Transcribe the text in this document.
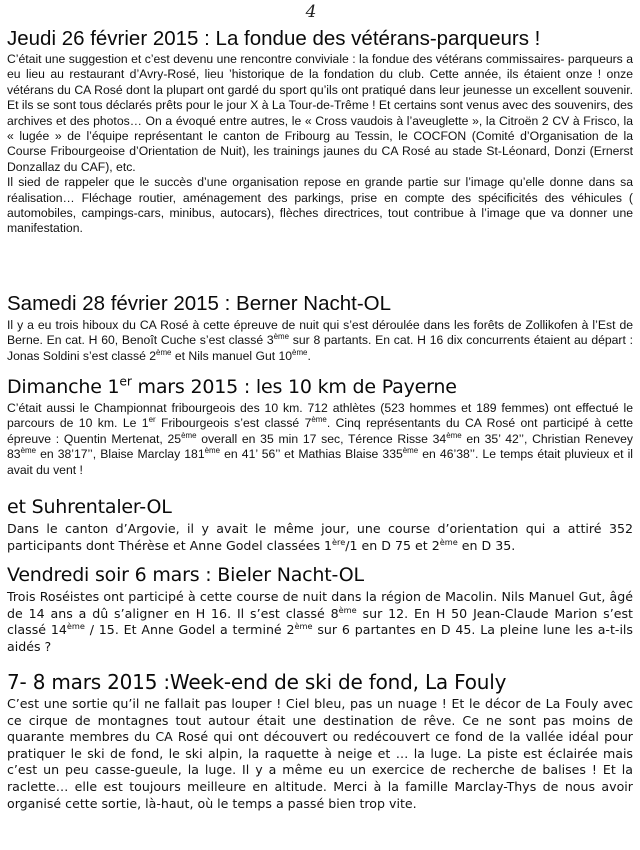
4
Jeudi 26 février 2015 : La fondue des vétérans-parqueurs !

C’était une suggestion et c’est devenu une rencontre conviviale : la fondue des vétérans commissaires- parqueurs a eu lieu au restaurant d’Avry-Rosé, lieu ’historique de la fondation du club. Cette année, ils étaient onze ! onze vétérans du CA Rosé dont la plupart ont gardé du sport qu’ils ont pratiqué dans leur jeunesse un excellent souvenir. Et ils se sont tous déclarés prêts pour le jour X à La Tour-de-Trême ! Et certains sont venus avec des souvenirs, des archives et des photos… On a évoqué entre autres, le « Cross vaudois à l’aveuglette », la Citroën 2 CV à Frisco, la « lugée » de l’équipe représentant le canton de Fribourg au Tessin, le COCFON (Comité d’Organisation de la Course Fribourgeoise d’Orientation de Nuit), les trainings jaunes du CA Rosé au stade St-Léonard, Donzi (Ernerst Donzallaz du CAF), etc.

Il sied de rappeler que le succès d’une organisation repose en grande partie sur l’image qu’elle donne dans sa réalisation… Fléchage routier, aménagement des parkings, prise en compte des spécificités des véhicules ( automobiles, campings-cars, minibus, autocars), flèches directrices, tout contribue à l’image que va donner une manifestation.

Samedi 28 février 2015 : Berner Nacht-OL

Il y a eu trois hiboux du CA Rosé à cette épreuve de nuit qui s’est déroulée dans les forêts de Zollikofen à l’Est de Berne. En cat. H 60, Benoît Cuche s’est classé 3ème sur 8 partants. En cat. H 16 dix concurrents étaient au départ : Jonas Soldini s’est classé 2ème et Nils manuel Gut 10ème.

Dimanche 1er mars 2015 : les 10 km de Payerne

C’était aussi le Championnat fribourgeois des 10 km. 712 athlètes (523 hommes et 189 femmes) ont effectué le parcours de 10 km. Le 1er Fribourgeois s’est classé 7ème. Cinq représentants du CA Rosé ont participé à cette épreuve : Quentin Mertenat, 25ème overall en 35 min 17 sec, Térence Risse 34ème en 35’ 42’’, Christian Renevey 83ème en 38’17’’, Blaise Marclay 181ème en 41’ 56’’ et Mathias Blaise 335ème en 46’38’’. Le temps était pluvieux et il avait du vent !

et Suhrentaler-OL

Dans le canton d’Argovie, il y avait le même jour, une course d’orientation qui a attiré 352 participants dont Thérèse et Anne Godel classées 1ère/1 en D 75 et 2ème en D 35.

Vendredi soir 6 mars : Bieler Nacht-OL

Trois Roséistes ont participé à cette course de nuit dans la région de Macolin. Nils Manuel Gut, âgé de 14 ans a dû s’aligner en H 16. Il s’est classé 8ème sur 12. En H 50 Jean-Claude Marion s’est classé 14ème / 15. Et Anne Godel a terminé 2ème sur 6 partantes en D 45. La pleine lune les a-t-ils aidés ?

7- 8 mars 2015 :Week-end de ski de fond, La Fouly

C’est une sortie qu’il ne fallait pas louper ! Ciel bleu, pas un nuage ! Et le décor de La Fouly avec ce cirque de montagnes tout autour était une destination de rêve. Ce ne sont pas moins de quarante membres du CA Rosé qui ont découvert ou redécouvert ce fond de la vallée idéal pour pratiquer le ski de fond, le ski alpin, la raquette à neige et … la luge. La piste est éclairée mais c’est un peu casse-gueule, la luge. Il y a même eu un exercice de recherche de balises ! Et la raclette… elle est toujours meilleure en altitude. Merci à la famille Marclay-Thys de nous avoir organisé cette sortie, là-haut, où le temps a passé bien trop vite.
